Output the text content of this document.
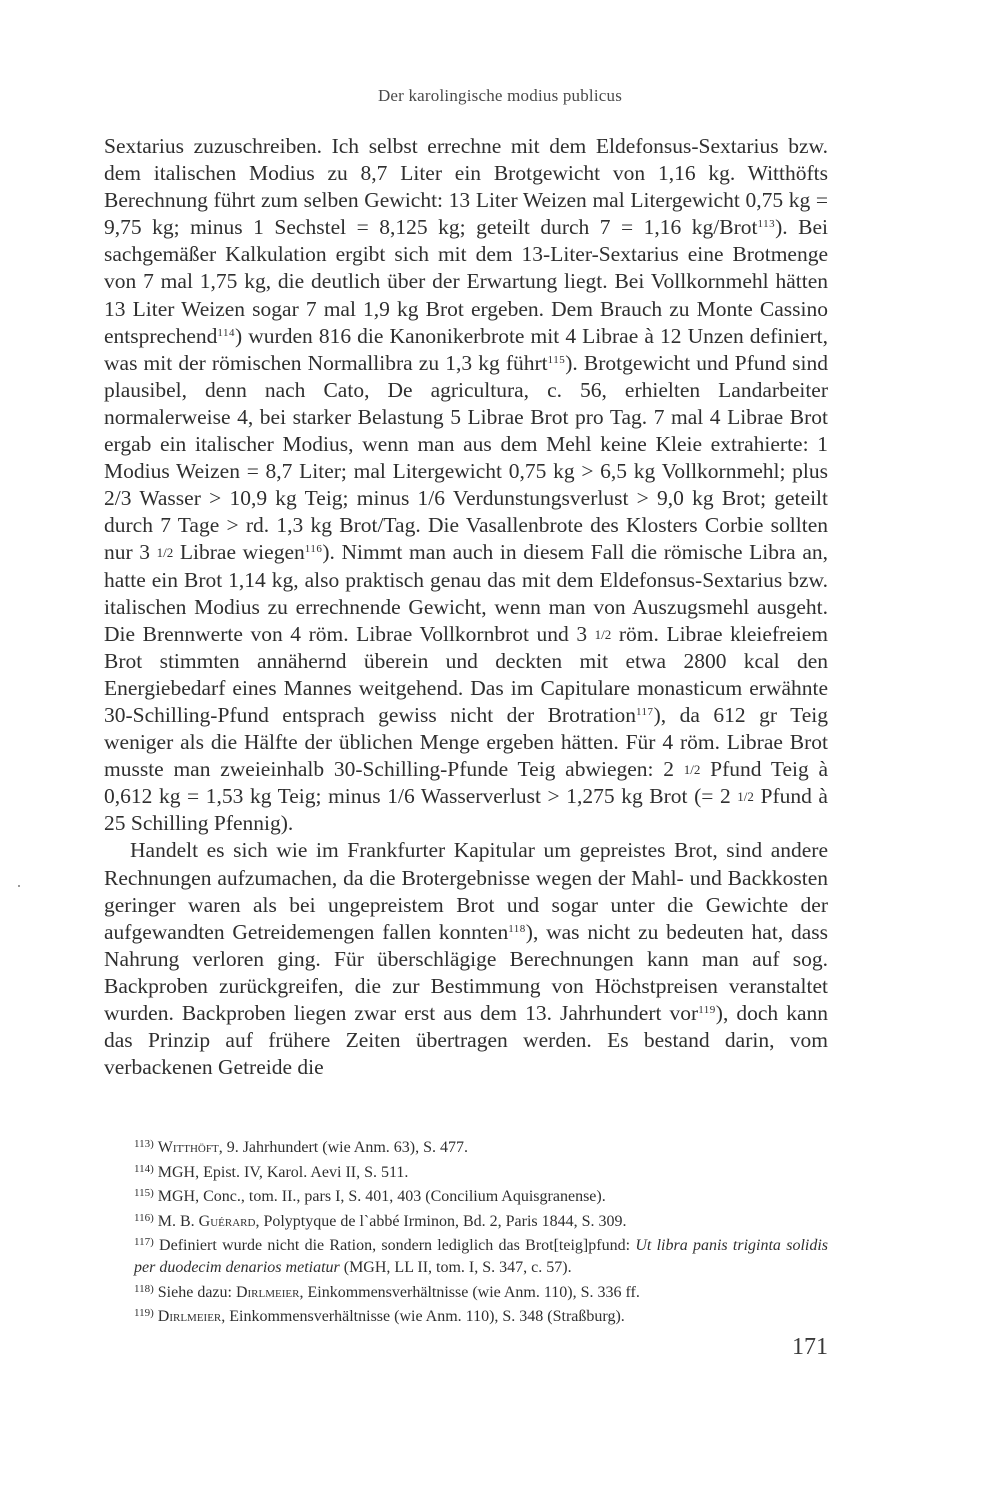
Der karolingische modius publicus

Sextarius zuzuschreiben. Ich selbst errechne mit dem Eldefonsus-Sextarius bzw. dem italischen Modius zu 8,7 Liter ein Brotgewicht von 1,16 kg. Witthöfts Berechnung führt zum selben Gewicht: 13 Liter Weizen mal Litergewicht 0,75 kg = 9,75 kg; minus 1 Sechstel = 8,125 kg; geteilt durch 7 = 1,16 kg/Brot$^{113}$). Bei sachgemäßer Kalkulation ergibt sich mit dem 13-Liter-Sextarius eine Brotmenge von 7 mal 1,75 kg, die deutlich über der Erwartung liegt. Bei Vollkornmehl hätten 13 Liter Weizen sogar 7 mal 1,9 kg Brot ergeben. Dem Brauch zu Monte Cassino entsprechend$^{114}$) wurden 816 die Kanonikerbrote mit 4 Librae à 12 Unzen definiert, was mit der römischen Normallibra zu 1,3 kg führt$^{115}$). Brotgewicht und Pfund sind plausibel, denn nach Cato, De agricultura, c. 56, erhielten Landarbeiter normalerweise 4, bei starker Belastung 5 Librae Brot pro Tag. 7 mal 4 Librae Brot ergab ein italischer Modius, wenn man aus dem Mehl keine Kleie extrahierte: 1 Modius Weizen = 8,7 Liter; mal Litergewicht 0,75 kg > 6,5 kg Vollkornmehl; plus 2/3 Wasser > 10,9 kg Teig; minus 1/6 Verdunstungsverlust > 9,0 kg Brot; geteilt durch 7 Tage > rd. 1,3 kg Brot/Tag. Die Vasallenbrote des Klosters Corbie sollten nur 3 1/2 Librae wiegen$^{116}$). Nimmt man auch in diesem Fall die römische Libra an, hatte ein Brot 1,14 kg, also praktisch genau das mit dem Eldefonsus-Sextarius bzw. italischen Modius zu errechnende Gewicht, wenn man von Auszugsmehl ausgeht. Die Brennwerte von 4 röm. Librae Vollkornbrot und 3 1/2 röm. Librae kleiefreiem Brot stimmten annähernd überein und deckten mit etwa 2800 kcal den Energiebedarf eines Mannes weitgehend. Das im Capitulare monasticum erwähnte 30-Schilling-Pfund entsprach gewiss nicht der Brotration$^{117}$), da 612 gr Teig weniger als die Hälfte der üblichen Menge ergeben hätten. Für 4 röm. Librae Brot musste man zweieinhalb 30-Schilling-Pfunde Teig abwiegen: 2 1/2 Pfund Teig à 0,612 kg = 1,53 kg Teig; minus 1/6 Wasserverlust > 1,275 kg Brot (= 2 1/2 Pfund à 25 Schilling Pfennig).

Handelt es sich wie im Frankfurter Kapitular um gepreistes Brot, sind andere Rechnungen aufzumachen, da die Brotergebnisse wegen der Mahl- und Backkosten geringer waren als bei ungepreistem Brot und sogar unter die Gewichte der aufgewandten Getreidemengen fallen konnten$^{118}$), was nicht zu bedeuten hat, dass Nahrung verloren ging. Für überschlägige Berechnungen kann man auf sog. Backproben zurückgreifen, die zur Bestimmung von Höchstpreisen veranstaltet wurden. Backproben liegen zwar erst aus dem 13. Jahrhundert vor$^{119}$), doch kann das Prinzip auf frühere Zeiten übertragen werden. Es bestand darin, vom verbackenen Getreide die

$^{113)}$ Witthöft, 9. Jahrhundert (wie Anm. 63), S. 477.
$^{114)}$ MGH, Epist. IV, Karol. Aevi II, S. 511.
$^{115)}$ MGH, Conc., tom. II., pars I, S. 401, 403 (Concilium Aquisgranense).
$^{116)}$ M. B. Guérard, Polyptyque de l`abbé Irminon, Bd. 2, Paris 1844, S. 309.
$^{117)}$ Definiert wurde nicht die Ration, sondern lediglich das Brot[teig]pfund: Ut libra panis triginta solidis per duodecim denarios metiatur (MGH, LL II, tom. I, S. 347, c. 57).
$^{118)}$ Siehe dazu: Dirlmeier, Einkommensverhältnisse (wie Anm. 110), S. 336 ff.
$^{119)}$ Dirlmeier, Einkommensverhältnisse (wie Anm. 110), S. 348 (Straßburg).
171
